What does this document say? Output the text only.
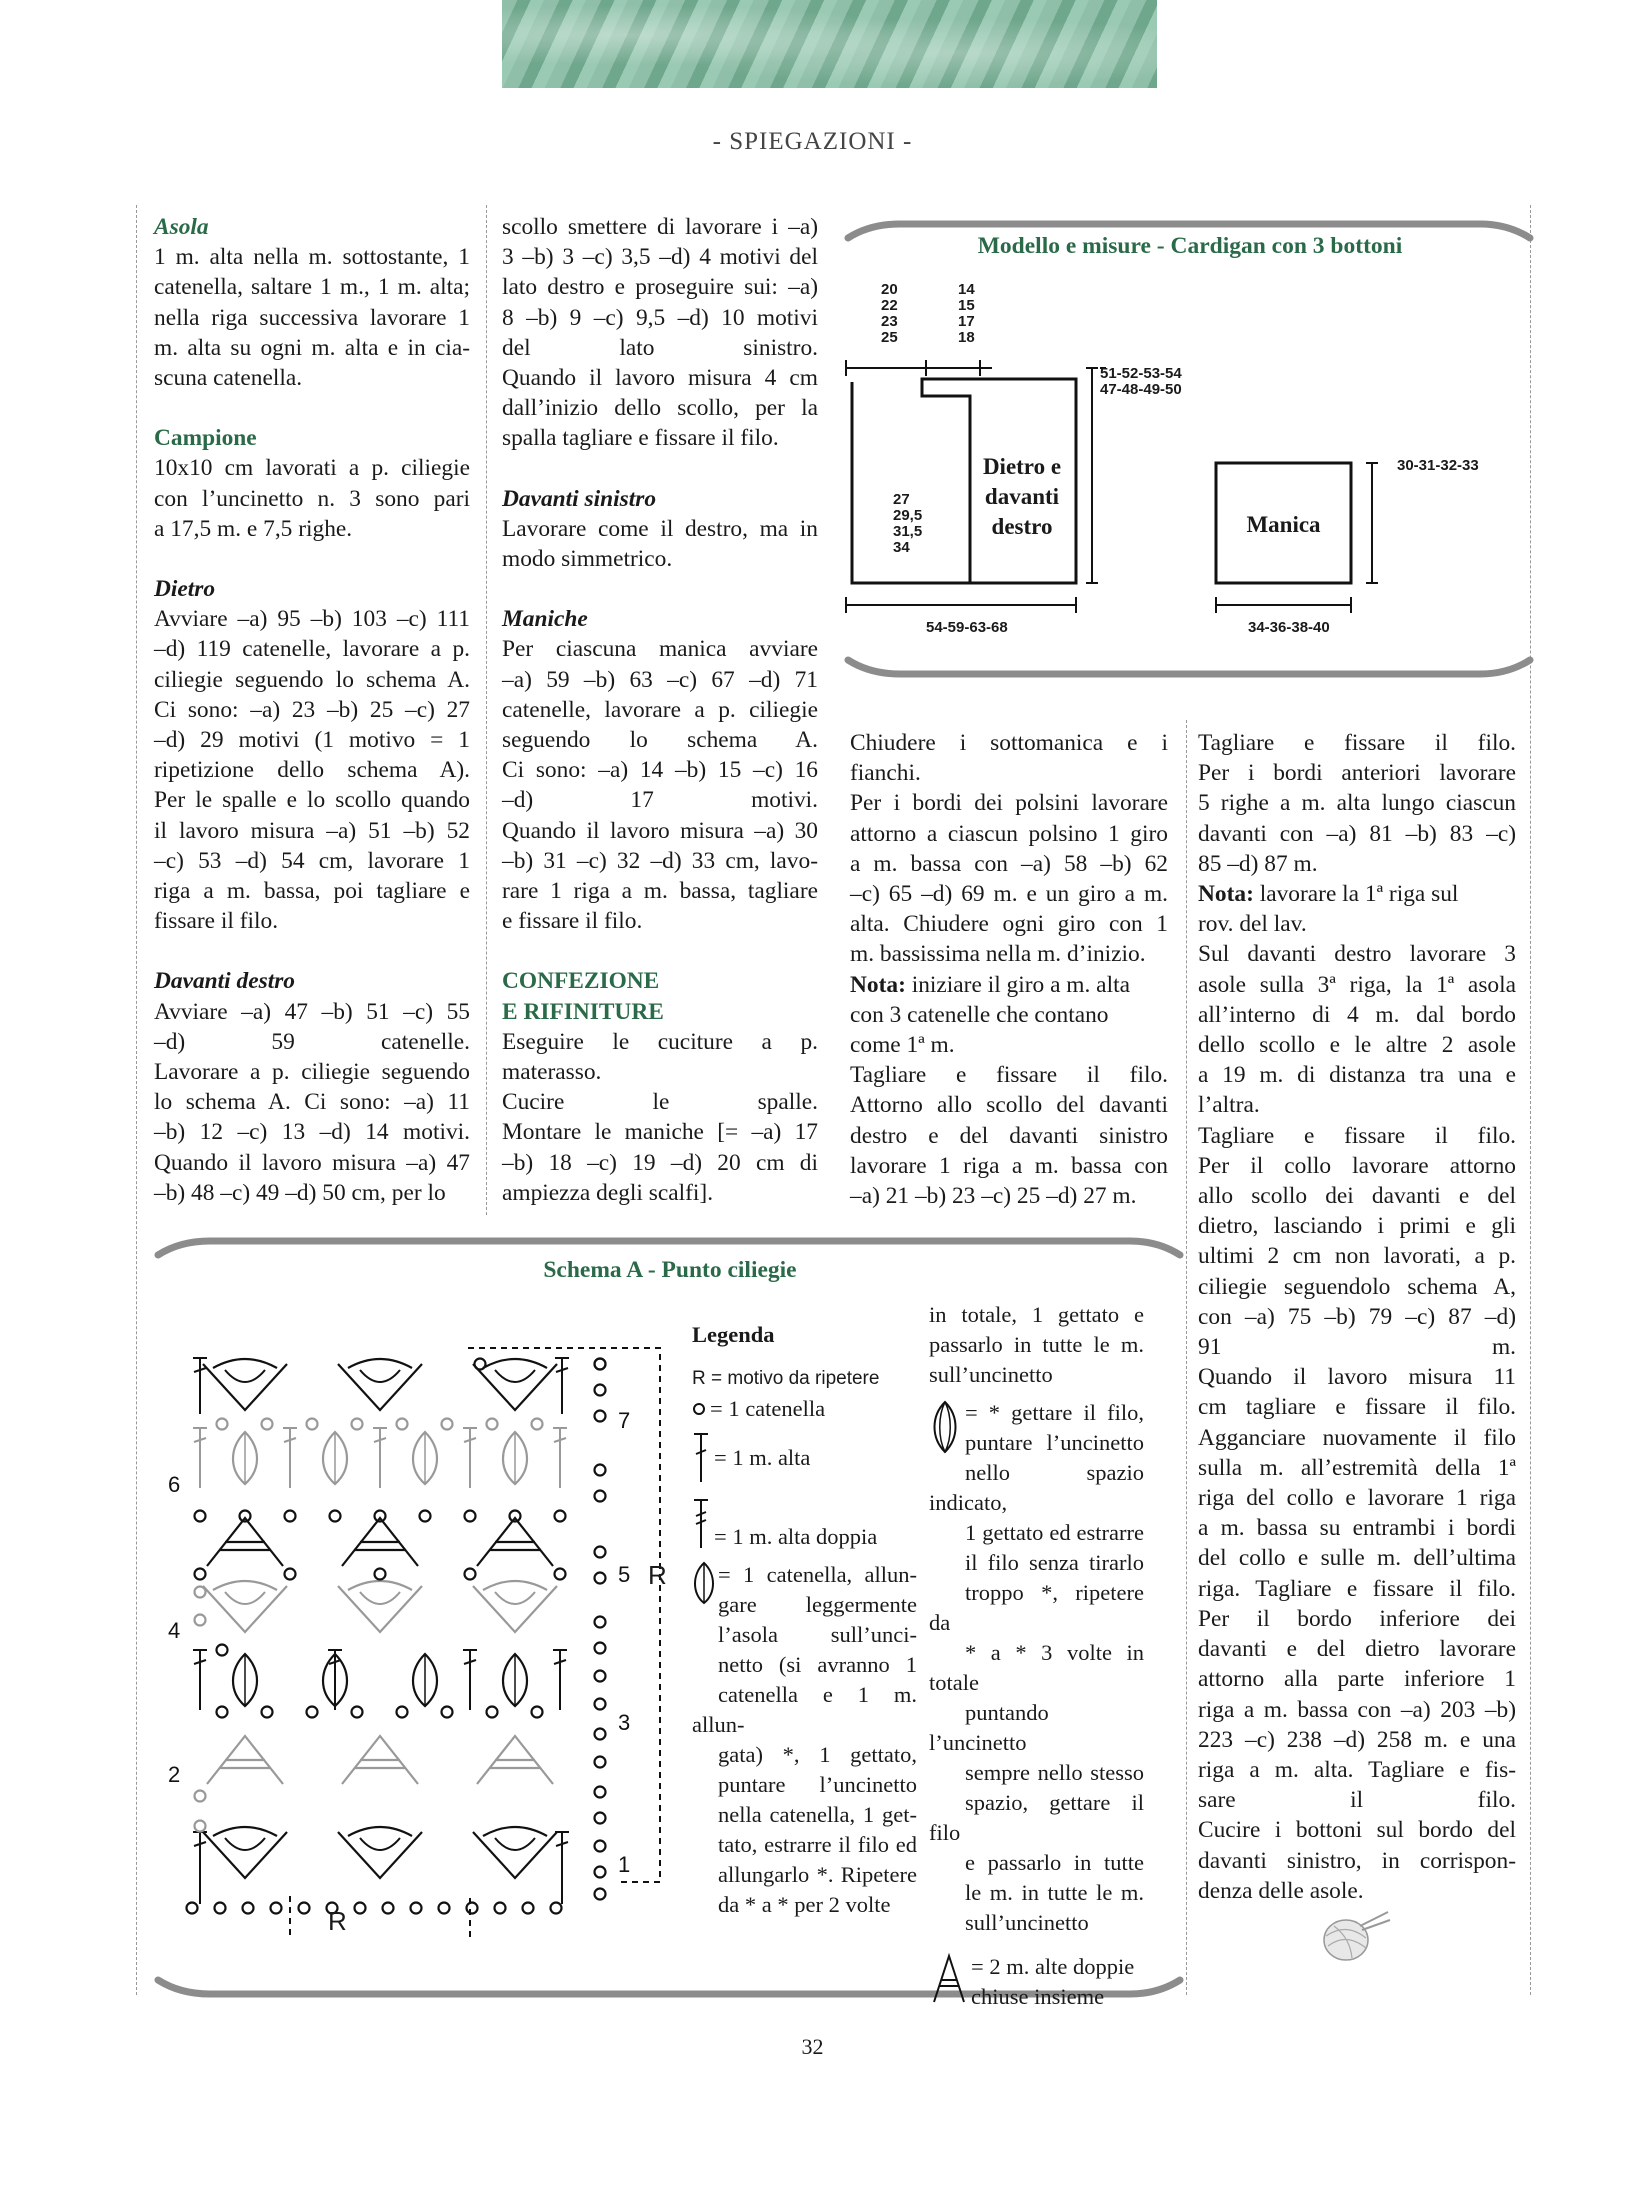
- SPIEGAZIONI -

Asola

1 m. alta nella m. sottostante, 1
catenella, saltare 1 m., 1 m. alta;
nella riga successiva lavorare 1
m. alta su ogni m. alta e in cia-
scuna catenella.

Campione

10x10 cm lavorati a p. ciliegie
con l’uncinetto n. 3 sono pari
a 17,5 m. e 7,5 righe.

Dietro

Avviare –a) 95 –b) 103 –c) 111
–d) 119 catenelle, lavorare a p.
ciliegie seguendo lo schema A.
Ci sono: –a) 23 –b) 25 –c) 27
–d) 29 motivi (1 motivo = 1
ripetizione dello schema A).
Per le spalle e lo scollo quando
il lavoro misura –a) 51 –b) 52
–c) 53 –d) 54 cm, lavorare 1
riga a m. bassa, poi tagliare e
fissare il filo.

Davanti destro

Avviare –a) 47 –b) 51 –c) 55
–d) 59 catenelle.
Lavorare a p. ciliegie seguendo
lo schema A. Ci sono: –a) 11
–b) 12 –c) 13 –d) 14 motivi.
Quando il lavoro misura –a) 47
–b) 48 –c) 49 –d) 50 cm, per lo
scollo smettere di lavorare i –a)
3 –b) 3 –c) 3,5 –d) 4 motivi del
lato destro e proseguire sui: –a)
8 –b) 9 –c) 9,5 –d) 10 motivi
del lato sinistro.
Quando il lavoro misura 4 cm
dall’inizio dello scollo, per la
spalla tagliare e fissare il filo.

Davanti sinistro

Lavorare come il destro, ma in
modo simmetrico.

Maniche

Per ciascuna manica avviare
–a) 59 –b) 63 –c) 67 –d) 71
catenelle, lavorare a p. ciliegie
seguendo lo schema A.
Ci sono: –a) 14 –b) 15 –c) 16
–d) 17 motivi.
Quando il lavoro misura –a) 30
–b) 31 –c) 32 –d) 33 cm, lavo-
rare 1 riga a m. bassa, tagliare
e fissare il filo.
CONFEZIONE
E RIFINITURE
Eseguire le cuciture a p.
materasso.
Cucire le spalle.
Montare le maniche [= –a) 17
–b) 18 –c) 19 –d) 20 cm di
ampiezza degli scalfi].
Modello e misure - Cardigan con 3 bottoni
20
22
23
25
14
15
17
18
27
29,5
31,5
34
51-52-53-54
47-48-49-50
54-59-63-68
30-31-32-33
34-36-38-40
Dietro e
davanti
destro	Manica
Chiudere i sottomanica e i
fianchi.
Per i bordi dei polsini lavorare
attorno a ciascun polsino 1 giro
a m. bassa con –a) 58 –b) 62
–c) 65 –d) 69 m. e un giro a m.
alta. Chiudere ogni giro con 1
m. bassissima nella m. d’inizio.
Nota: iniziare il giro a m. alta
con 3 catenelle che contano
come 1ª m.
Tagliare e fissare il filo.
Attorno allo scollo del davanti
destro e del davanti sinistro
lavorare 1 riga a m. bassa con
–a) 21 –b) 23 –c) 25 –d) 27 m.
Tagliare e fissare il filo.
Per i bordi anteriori lavorare
5 righe a m. alta lungo ciascun
davanti con –a) 81 –b) 83 –c)
85 –d) 87 m.
Nota: lavorare la 1ª riga sul
rov. del lav.
Sul davanti destro lavorare 3
asole sulla 3ª riga, la 1ª asola
all’interno di 4 m. dal bordo
dello scollo e le altre 2 asole
a 19 m. di distanza tra una e
l’altra.
Tagliare e fissare il filo.
Per il collo lavorare attorno
allo scollo dei davanti e del
dietro, lasciando i primi e gli
ultimi 2 cm non lavorati, a p.
ciliegie seguendolo schema A,
con –a) 75 –b) 79 –c) 87 –d)
91 m.
Quando il lavoro misura 11
cm tagliare e fissare il filo.
Agganciare nuovamente il filo
sulla m. all’estremità della 1ª
riga del collo e lavorare 1 riga
a m. bassa su entrambi i bordi
del collo e sulle m. dell’ultima
riga. Tagliare e fissare il filo.
Per il bordo inferiore dei
davanti e del dietro lavorare
attorno alla parte inferiore 1
riga a m. bassa con –a) 203 –b)
223 –c) 238 –d) 258 m. e una
riga a m. alta. Tagliare e fis-
sare il filo.
Cucire i bottoni sul bordo del
davanti sinistro, in corrispon-
denza delle asole.
Schema A - Punto ciliegie
7
6
5
4
3
2
1
R
R
Legenda
R = motivo da ripetere
= 1 catenella
= 1 m. alta
= 1 m. alta doppia
= 1 catenella, allun-
gare leggermente
l’asola sull’unci-
netto (si avranno 1
catenella e 1 m. allun-
gata) *, 1 gettato,
puntare l’uncinetto
nella catenella, 1 get-
tato, estrarre il filo ed
allungarlo *. Ripetere
da * a * per 2 volte
in totale, 1 gettato e
passarlo in tutte le m.
sull’uncinetto
= * gettare il filo,
puntare l’uncinetto
nello spazio indicato,
1 gettato ed estrarre
il filo senza tirarlo
troppo *, ripetere da
* a * 3 volte in totale
puntando l’uncinetto
sempre nello stesso
spazio, gettare il filo
e passarlo in tutte
le m. in tutte le m.
sull’uncinetto
= 2 m. alte doppie
chiuse insieme
32
